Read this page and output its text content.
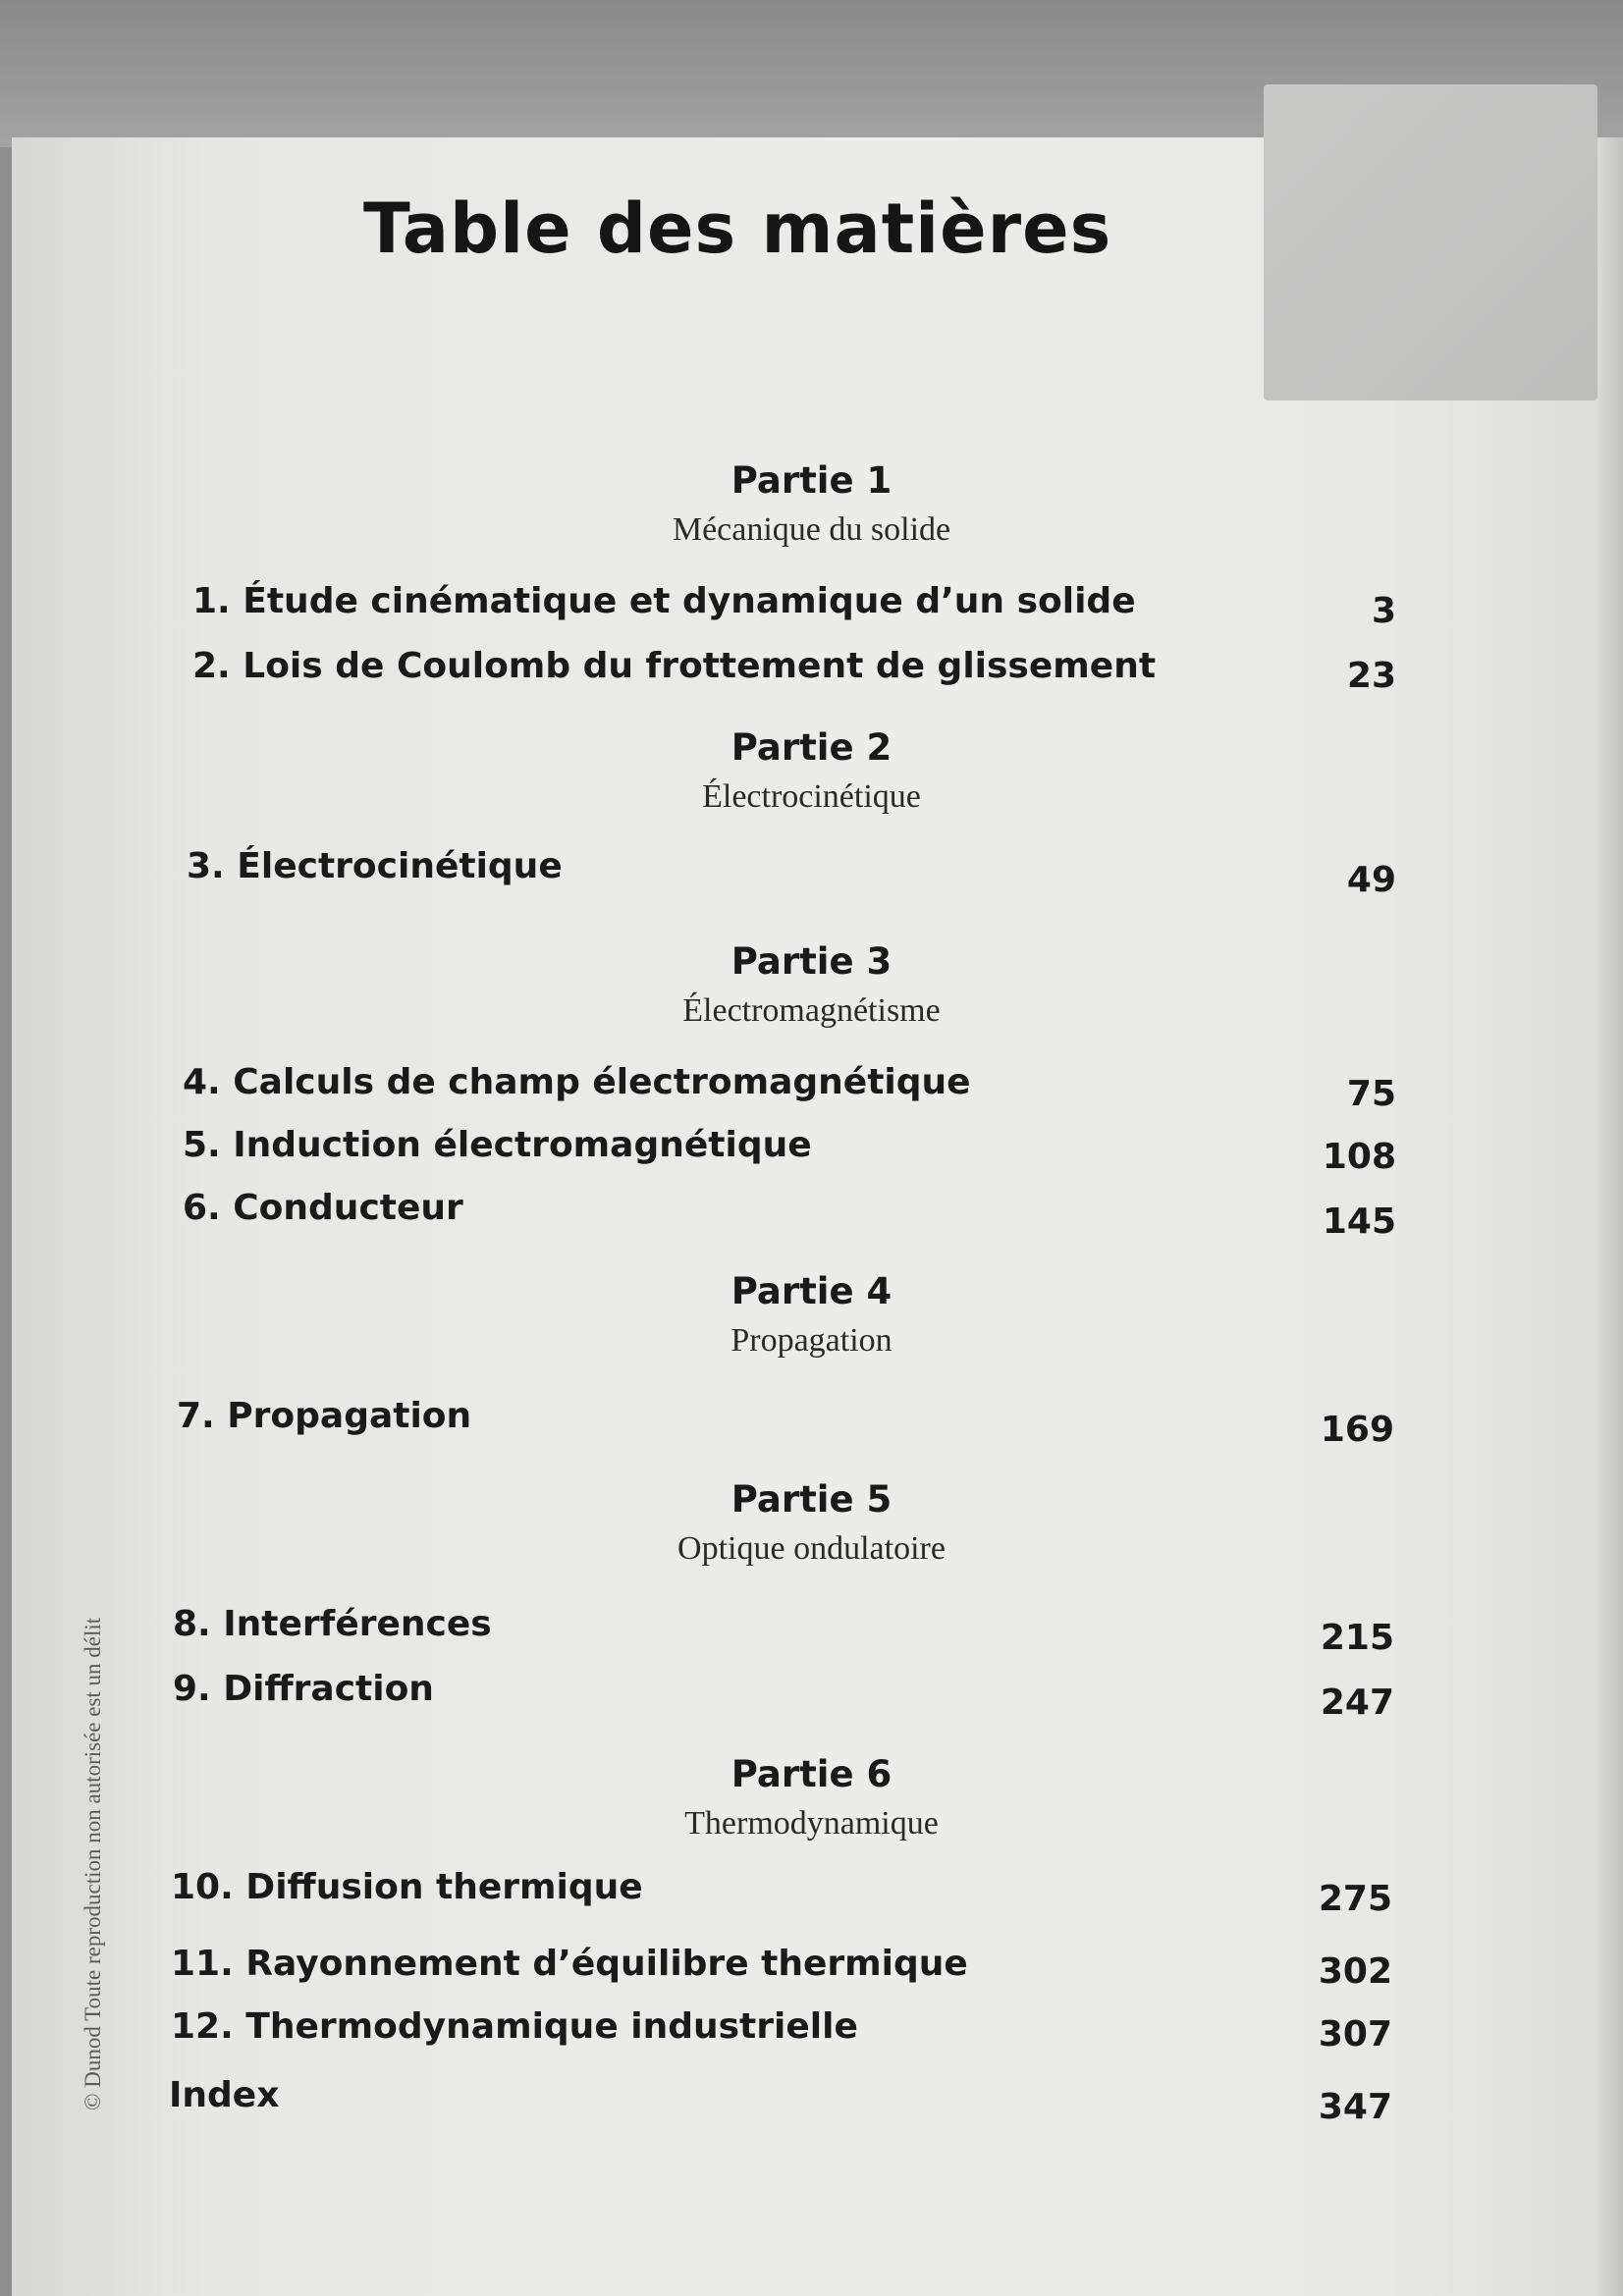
Table des matières
Partie 1
Mécanique du solide
1. Étude cinématique et dynamique d’un solide	3
2. Lois de Coulomb du frottement de glissement	23
Partie 2
Électrocinétique
3. Électrocinétique	49
Partie 3
Électromagnétisme
4. Calculs de champ électromagnétique	75
5. Induction électromagnétique	108
6. Conducteur	145
Partie 4
Propagation
7. Propagation	169
Partie 5
Optique ondulatoire
8. Interférences	215
9. Diffraction	247
Partie 6
Thermodynamique
10. Diffusion thermique	275
11. Rayonnement d’équilibre thermique	302
12. Thermodynamique industrielle	307
Index	347
© Dunod Toute reproduction non autorisée est un délit
